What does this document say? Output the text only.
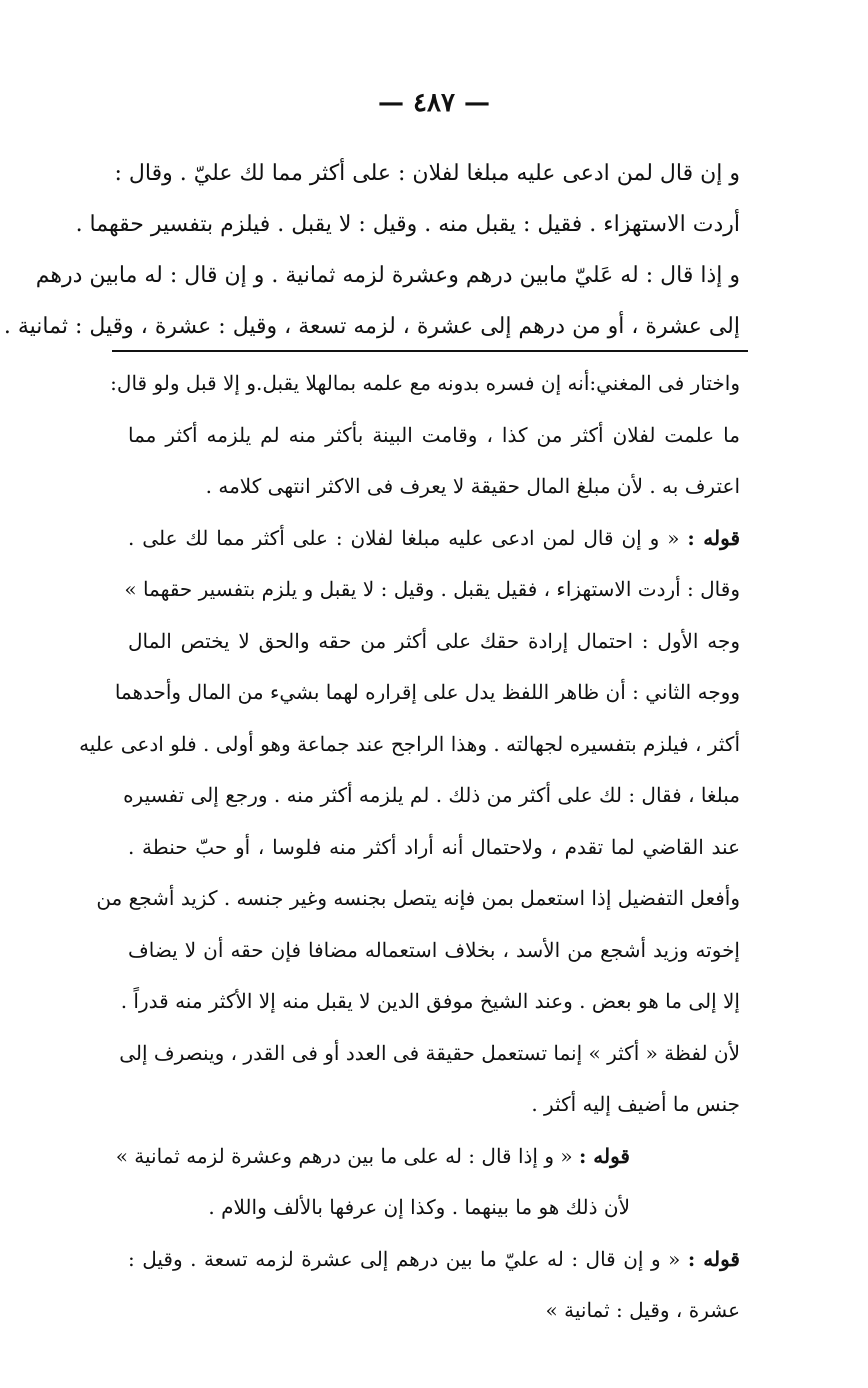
— ٤٨٧ —
و إن قال لمن ادعى عليه مبلغا لفلان : على أكثر مما لك عليّ . وقال :
أردت الاستهزاء . فقيل : يقبل منه . وقيل : لا يقبل . فيلزم بتفسير حقهما .
و إذا قال : له عَليّ مابين درهم وعشرة لزمه ثمانية . و إن قال : له مابين درهم
إلى عشرة ، أو من درهم إلى عشرة ، لزمه تسعة ، وقيل : عشرة ، وقيل : ثمانية .
واختار فى المغني:أنه إن فسره بدونه مع علمه بمالهلا يقبل.و إلا قبل ولو قال:
ما علمت لفلان أكثر من كذا ، وقامت البينة بأكثر منه لم يلزمه أكثر مما
اعترف به . لأن مبلغ المال حقيقة لا يعرف فى الاكثر انتهى كلامه .
قوله : « و إن قال لمن ادعى عليه مبلغا لفلان : على أكثر مما لك على .
وقال : أردت الاستهزاء ، فقيل يقبل . وقيل : لا يقبل و يلزم بتفسير حقهما »
وجه الأول : احتمال إرادة حقك على أكثر من حقه والحق لا يختص المال
ووجه الثاني : أن ظاهر اللفظ يدل على إقراره لهما بشيء من المال وأحدهما
أكثر ، فيلزم بتفسيره لجهالته . وهذا الراجح عند جماعة وهو أولى . فلو ادعى عليه
مبلغا ، فقال : لك على أكثر من ذلك . لم يلزمه أكثر منه . ورجع إلى تفسيره
عند القاضي لما تقدم ، ولاحتمال أنه أراد أكثر منه فلوسا ، أو حبّ حنطة .
وأفعل التفضيل إذا استعمل بمن فإنه يتصل بجنسه وغير جنسه . كزيد أشجع من
إخوته وزيد أشجع من الأسد ، بخلاف استعماله مضافا فإن حقه أن لا يضاف
إلا إلى ما هو بعض . وعند الشيخ موفق الدين لا يقبل منه إلا الأكثر منه قدراً .
لأن لفظة « أكثر » إنما تستعمل حقيقة فى العدد أو فى القدر ، وينصرف إلى
جنس ما أضيف إليه أكثر .
قوله : « و إذا قال : له على ما بين درهم وعشرة لزمه ثمانية »
لأن ذلك هو ما بينهما . وكذا إن عرفها بالألف واللام .
قوله : « و إن قال : له عليّ ما بين درهم إلى عشرة لزمه تسعة . وقيل :
عشرة ، وقيل : ثمانية »
